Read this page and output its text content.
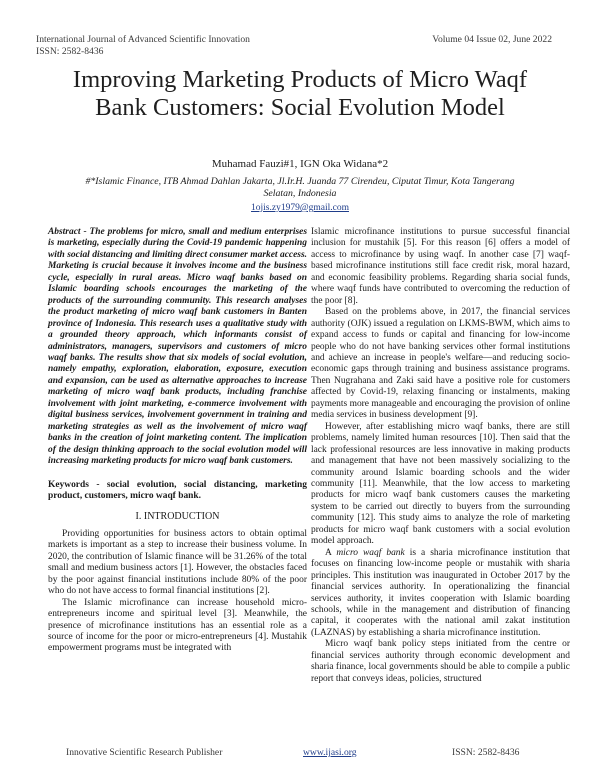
International Journal of Advanced Scientific Innovation
ISSN: 2582-8436
Volume 04 Issue 02, June 2022
Improving Marketing Products of Micro Waqf Bank Customers: Social Evolution Model
Muhamad Fauzi#1, IGN Oka Widana*2
#*Islamic Finance, ITB Ahmad Dahlan Jakarta, Jl.Ir.H. Juanda 77 Cirendeu, Ciputat Timur, Kota Tangerang Selatan, Indonesia
1ojis.zy1979@gmail.com

Abstract - The problems for micro, small and medium enterprises is marketing, especially during the Covid-19 pandemic happening with social distancing and limiting direct consumer market access. Marketing is crucial because it involves income and the business cycle, especially in rural areas. Micro waqf banks based on Islamic boarding schools encourages the marketing of the products of the surrounding community. This research analyses the product marketing of micro waqf bank customers in Banten province of Indonesia. This research uses a qualitative study with a grounded theory approach, which informants consist of administrators, managers, supervisors and customers of micro waqf banks. The results show that six models of social evolution, namely empathy, exploration, elaboration, exposure, execution and expansion, can be used as alternative approaches to increase marketing of micro waqf bank products, including franchise involvement with joint marketing, e-commerce involvement with digital business services, involvement government in training and marketing strategies as well as the involvement of micro waqf banks in the creation of joint marketing content. The implication of the design thinking approach to the social evolution model will increasing marketing products for micro waqf bank customers.

Keywords - social evolution, social distancing, marketing product, customers, micro waqf bank.

I. INTRODUCTION

Providing opportunities for business actors to obtain optimal markets is important as a step to increase their business volume. In 2020, the contribution of Islamic finance will be 31.26% of the total small and medium business actors [1]. However, the obstacles faced by the poor against financial institutions include 80% of the poor who do not have access to formal financial institutions [2].

The Islamic microfinance can increase household micro-entrepreneurs income and spiritual level [3]. Meanwhile, the presence of microfinance institutions has an essential role as a source of income for the poor or micro-entrepreneurs [4]. Mustahik empowerment programs must be integrated with

Islamic microfinance institutions to pursue successful financial inclusion for mustahik [5]. For this reason [6] offers a model of access to microfinance by using waqf. In another case [7] waqf-based microfinance institutions still face credit risk, moral hazard, and economic feasibility problems. Regarding sharia social funds, where waqf funds have contributed to overcoming the reduction of the poor [8].

Based on the problems above, in 2017, the financial services authority (OJK) issued a regulation on LKMS-BWM, which aims to expand access to funds or capital and financing for low-income people who do not have banking services other formal institutions and achieve an increase in people's welfare—and reducing socio-economic gaps through training and business assistance programs. Then Nugrahana and Zaki said have a positive role for customers affected by Covid-19, relaxing financing or instalments, making payments more manageable and encouraging the provision of online media services in business development [9].

However, after establishing micro waqf banks, there are still problems, namely limited human resources [10]. Then said that the lack professional resources are less innovative in making products and management that have not been massively socializing to the community around Islamic boarding schools and the wider community [11]. Meanwhile, that the low access to marketing products for micro waqf bank customers causes the marketing system to be carried out directly to buyers from the surrounding community [12]. This study aims to analyze the role of marketing products for micro waqf bank customers with a social evolution model approach.

A micro waqf bank is a sharia microfinance institution that focuses on financing low-income people or mustahik with sharia principles. This institution was inaugurated in October 2017 by the financial services authority. In operationalizing the financial services authority, it invites cooperation with Islamic boarding schools, while in the management and distribution of financing capital, it cooperates with the national amil zakat institution (LAZNAS) by establishing a sharia microfinance institution.

Micro waqf bank policy steps initiated from the centre or financial services authority through economic development and sharia finance, local governments should be able to compile a public report that conveys ideas, policies, structured

Innovative Scientific Research Publisher	www.ijasi.org	ISSN: 2582-8436
